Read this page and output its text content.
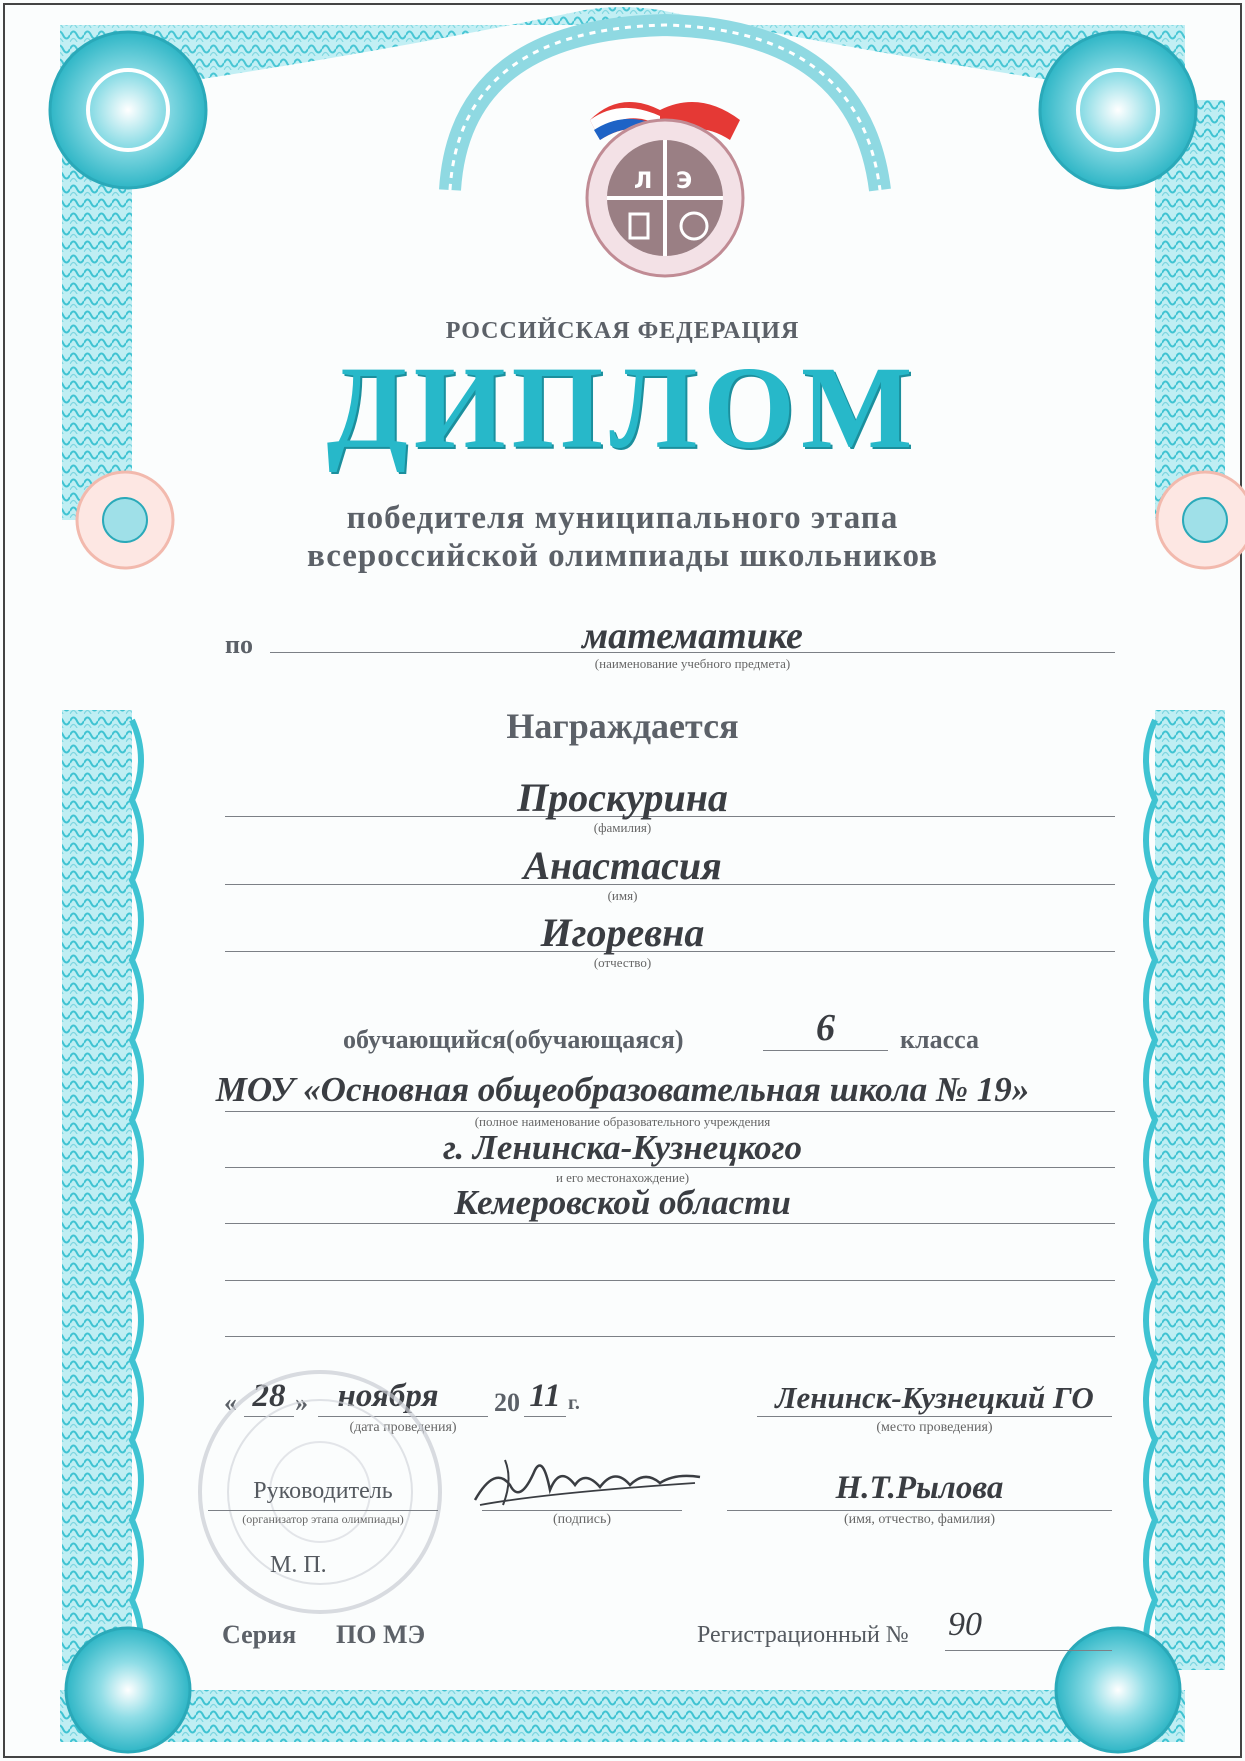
Л Э
РОССИЙСКАЯ ФЕДЕРАЦИЯ
ДИПЛОМ
победителя муниципального этапа
всероссийской олимпиады школьников
по	математике
(наименование учебного предмета)
Награждается
Проскурина
(фамилия)
Анастасия
(имя)
Игоревна
(отчество)
обучающийся(обучающаяся)	6	класса
МОУ «Основная общеобразовательная школа № 19»
(полное наименование образовательного учреждения
г. Ленинска-Кузнецкого
и его местонахождение)
Кемеровской области
« 28 » ноября	20 11 г.
(дата проведения)
Ленинск-Кузнецкий ГО
(место проведения)
Руководитель
(организатор этапа олимпиады)	(подпись)
Н.Т.Рылова
(имя, отчество, фамилия)
М. П.
Серия ПО МЭ	Регистрационный № 90
